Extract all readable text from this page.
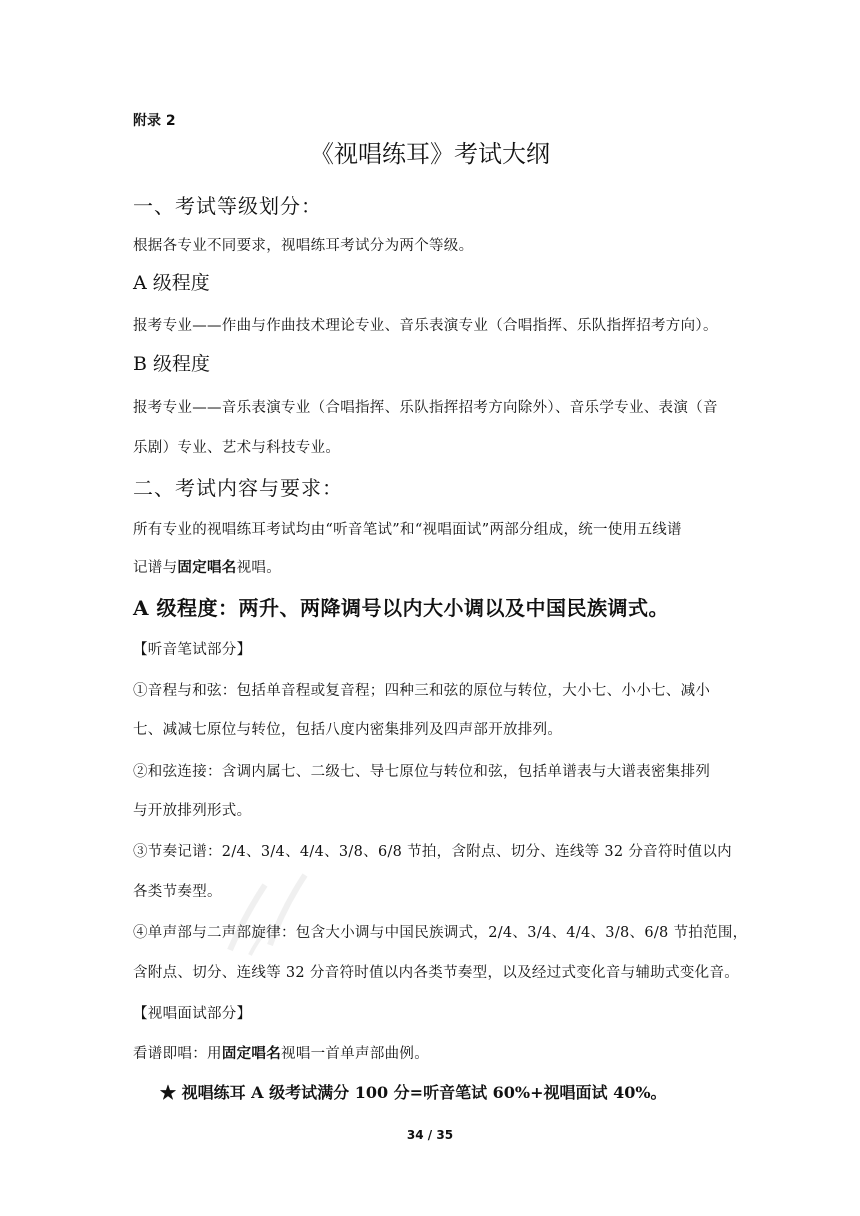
附录 2
《视唱练耳》考试大纲
一、考试等级划分：
根据各专业不同要求，视唱练耳考试分为两个等级。
A 级程度
报考专业——作曲与作曲技术理论专业、音乐表演专业（合唱指挥、乐队指挥招考方向）。
B 级程度
报考专业——音乐表演专业（合唱指挥、乐队指挥招考方向除外）、音乐学专业、表演（音
乐剧）专业、艺术与科技专业。
二、考试内容与要求：
所有专业的视唱练耳考试均由“听音笔试”和“视唱面试”两部分组成，统一使用五线谱
记谱与固定唱名视唱。
A 级程度：两升、两降调号以内大小调以及中国民族调式。
【听音笔试部分】
①音程与和弦：包括单音程或复音程；四种三和弦的原位与转位，大小七、小小七、减小
七、减减七原位与转位，包括八度内密集排列及四声部开放排列。
②和弦连接：含调内属七、二级七、导七原位与转位和弦，包括单谱表与大谱表密集排列
与开放排列形式。
③节奏记谱：2/4、3/4、4/4、3/8、6/8 节拍，含附点、切分、连线等 32 分音符时值以内
各类节奏型。
④单声部与二声部旋律：包含大小调与中国民族调式，2/4、3/4、4/4、3/8、6/8 节拍范围，
含附点、切分、连线等 32 分音符时值以内各类节奏型，以及经过式变化音与辅助式变化音。
【视唱面试部分】
看谱即唱：用固定唱名视唱一首单声部曲例。
★ 视唱练耳 A 级考试满分 100 分=听音笔试 60%+视唱面试 40%。
34 / 35
